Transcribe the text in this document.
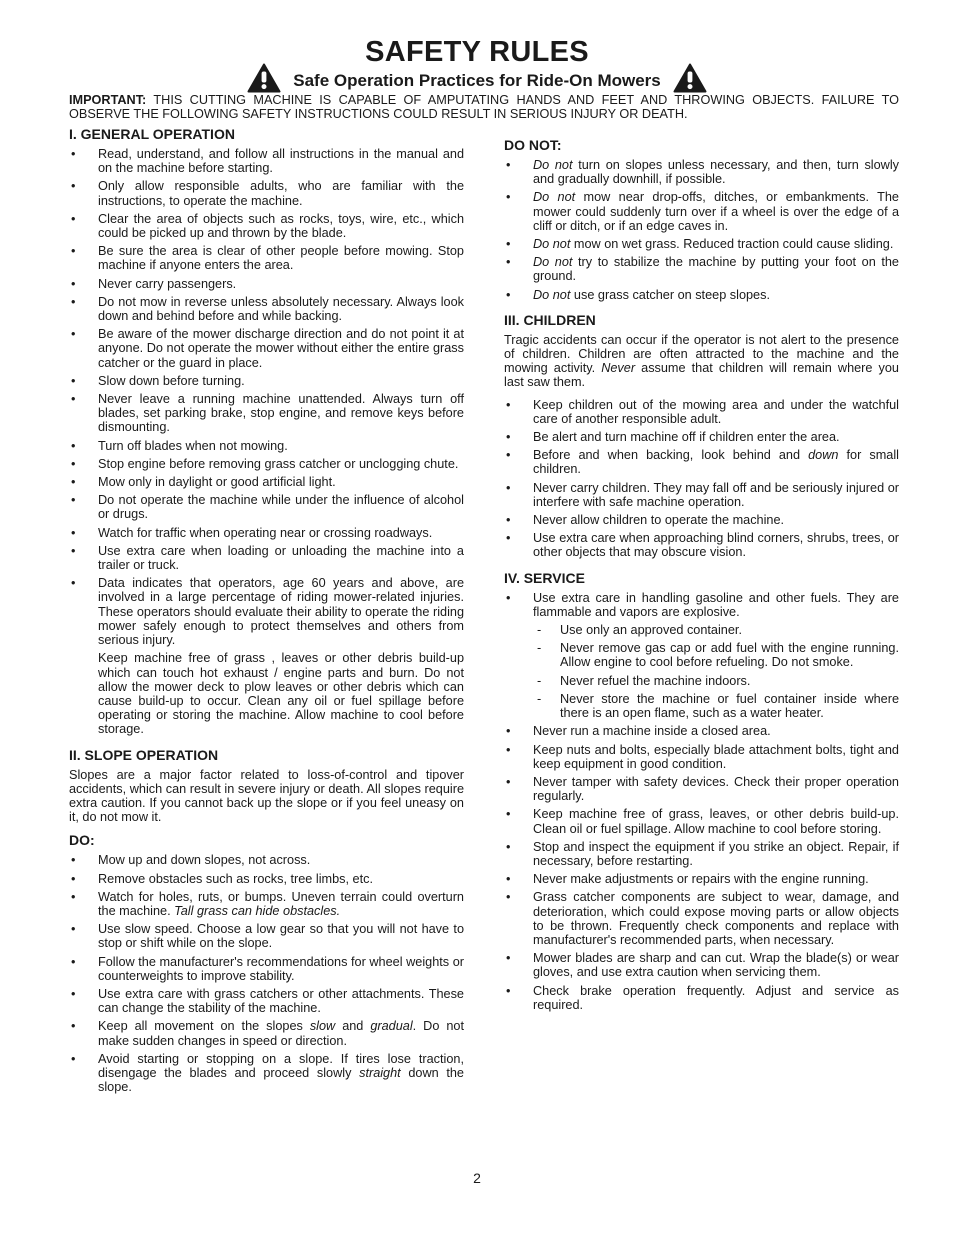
SAFETY RULES
Safe Operation Practices for Ride-On Mowers
IMPORTANT: THIS CUTTING MACHINE IS CAPABLE OF AMPUTATING HANDS AND FEET AND THROWING OBJECTS. FAILURE TO OBSERVE THE FOLLOWING SAFETY INSTRUCTIONS COULD RESULT IN SERIOUS INJURY OR DEATH.
I. GENERAL OPERATION
• Read, understand, and follow all instructions in the manual and on the machine before starting.
• Only allow responsible adults, who are familiar with the instructions, to operate the machine.
• Clear the area of objects such as rocks, toys, wire, etc., which could be picked up and thrown by the blade.
• Be sure the area is clear of other people before mowing. Stop machine if anyone enters the area.
• Never carry passengers.
• Do not mow in reverse unless absolutely necessary. Always look down and behind before and while backing.
• Be aware of the mower discharge direction and do not point it at anyone. Do not operate the mower without either the entire grass catcher or the guard in place.
• Slow down before turning.
• Never leave a running machine unattended. Always turn off blades, set parking brake, stop engine, and remove keys before dismounting.
• Turn off blades when not mowing.
• Stop engine before removing grass catcher or unclogging chute.
• Mow only in daylight or good artificial light.
• Do not operate the machine while under the influence of alcohol or drugs.
• Watch for traffic when operating near or crossing roadways.
• Use extra care when loading or unloading the machine into a trailer or truck.
• Data indicates that operators, age 60 years and above, are involved in a large percentage of riding mower-related injuries. These operators should evaluate their ability to operate the riding mower safely enough to protect themselves and others from serious injury.
Keep machine free of grass , leaves or other debris build-up which can touch hot exhaust / engine parts and burn. Do not allow the mower deck to plow leaves or other debris which can cause build-up to occur. Clean any oil or fuel spillage before operating or storing the machine. Allow machine to cool before storage.
II. SLOPE OPERATION

Slopes are a major factor related to loss-of-control and tipover accidents, which can result in severe injury or death. All slopes require extra caution. If you cannot back up the slope or if you feel uneasy on it, do not mow it.

DO:
• Mow up and down slopes, not across.
• Remove obstacles such as rocks, tree limbs, etc.
• Watch for holes, ruts, or bumps. Uneven terrain could overturn the machine. Tall grass can hide obstacles.
• Use slow speed. Choose a low gear so that you will not have to stop or shift while on the slope.
• Follow the manufacturer's recommendations for wheel weights or counterweights to improve stability.
• Use extra care with grass catchers or other attachments. These can change the stability of the machine.
• Keep all movement on the slopes slow and gradual. Do not make sudden changes in speed or direction.
• Avoid starting or stopping on a slope. If tires lose traction, disengage the blades and proceed slowly straight down the slope.
DO NOT:
• Do not turn on slopes unless necessary, and then, turn slowly and gradually downhill, if possible.
• Do not mow near drop-offs, ditches, or embankments. The mower could suddenly turn over if a wheel is over the edge of a cliff or ditch, or if an edge caves in.
• Do not mow on wet grass. Reduced traction could cause sliding.
• Do not try to stabilize the machine by putting your foot on the ground.
• Do not use grass catcher on steep slopes.
III. CHILDREN

Tragic accidents can occur if the operator is not alert to the presence of children. Children are often attracted to the machine and the mowing activity. Never assume that children will remain where you last saw them.

• Keep children out of the mowing area and under the watchful care of another responsible adult.
• Be alert and turn machine off if children enter the area.
• Before and when backing, look behind and down for small children.
• Never carry children. They may fall off and be seriously injured or interfere with safe machine operation.
• Never allow children to operate the machine.
• Use extra care when approaching blind corners, shrubs, trees, or other objects that may obscure vision.
IV. SERVICE
• Use extra care in handling gasoline and other fuels. They are flammable and vapors are explosive.
- Use only an approved container.
- Never remove gas cap or add fuel with the engine running. Allow engine to cool before refueling. Do not smoke.
- Never refuel the machine indoors.
- Never store the machine or fuel container inside where there is an open flame, such as a water heater.
• Never run a machine inside a closed area.
• Keep nuts and bolts, especially blade attachment bolts, tight and keep equipment in good condition.
• Never tamper with safety devices. Check their proper operation regularly.
• Keep machine free of grass, leaves, or other debris build-up. Clean oil or fuel spillage. Allow machine to cool before storing.
• Stop and inspect the equipment if you strike an object. Repair, if necessary, before restarting.
• Never make adjustments or repairs with the engine running.
• Grass catcher components are subject to wear, damage, and deterioration, which could expose moving parts or allow objects to be thrown. Frequently check components and replace with manufacturer's recommended parts, when necessary.
• Mower blades are sharp and can cut. Wrap the blade(s) or wear gloves, and use extra caution when servicing them.
• Check brake operation frequently. Adjust and service as required.
2
